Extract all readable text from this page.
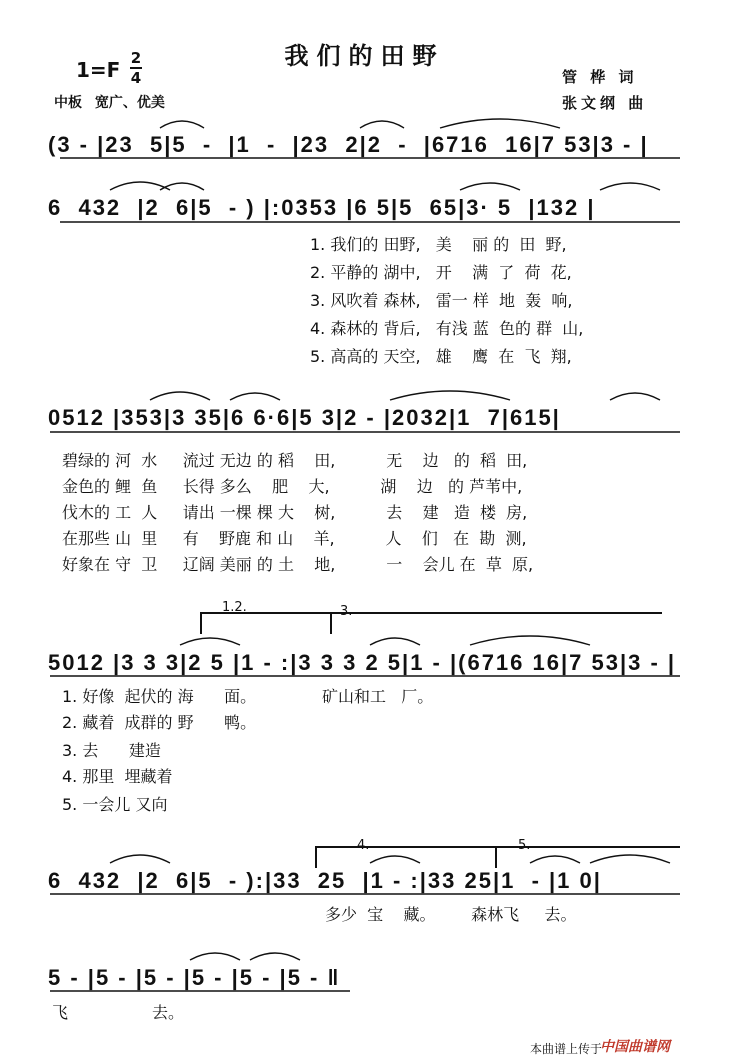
我们的田野
1=F 2
4
中板 宽广、优美
管 桦 词
张文纲 曲
(3 - |23  5|5  -  |1  -  |23  2|2  -  |6716  16|7 53|3 - |
6  432  |2  6|5  - ) |:0353 |6 5|5  65|3· 5  |132 |
0512 |353|3 35|6 6·6|5 3|2 - |2032|1  7|615|
5012 |3 3 3|2 5 |1 - :|3 3 3 2 5|1 - |(6716 16|7 53|3 - |
6  432  |2  6|5  - ):|33  25  |1 - :|33 25|1  - |1 0|
5 - |5 - |5 - |5 - |5 - |5 - ‖
1.2.	3.
4.	5.
1. 我们的 田野,   美    丽 的  田  野,
2. 平静的 湖中,   开    满  了  荷  花,
3. 风吹着 森林,   雷一 样  地  轰  响,
4. 森林的 背后,   有浅 蓝  色的 群  山,
5. 高高的 天空,   雄    鹰  在  飞  翔,
碧绿的 河  水     流过 无边 的 稻    田,          无    边   的  稻  田,
金色的 鲤  鱼     长得 多么    肥    大,          湖    边   的 芦苇中,
伐木的 工  人     请出 一棵 棵 大    树,          去    建   造  楼  房,
在那些 山  里     有    野鹿 和 山    羊,          人    们   在  勘  测,
好象在 守  卫     辽阔 美丽 的 土    地,          一    会儿 在  草  原,
1. 好像  起伏的 海      面。
2. 藏着  成群的 野      鸭。
3. 去      建造
4. 那里  埋藏着
5. 一会儿 又向
矿山和工   厂。
多少  宝    藏。       森林飞     去。
飞	去。
本曲谱上传于
中国曲谱网
